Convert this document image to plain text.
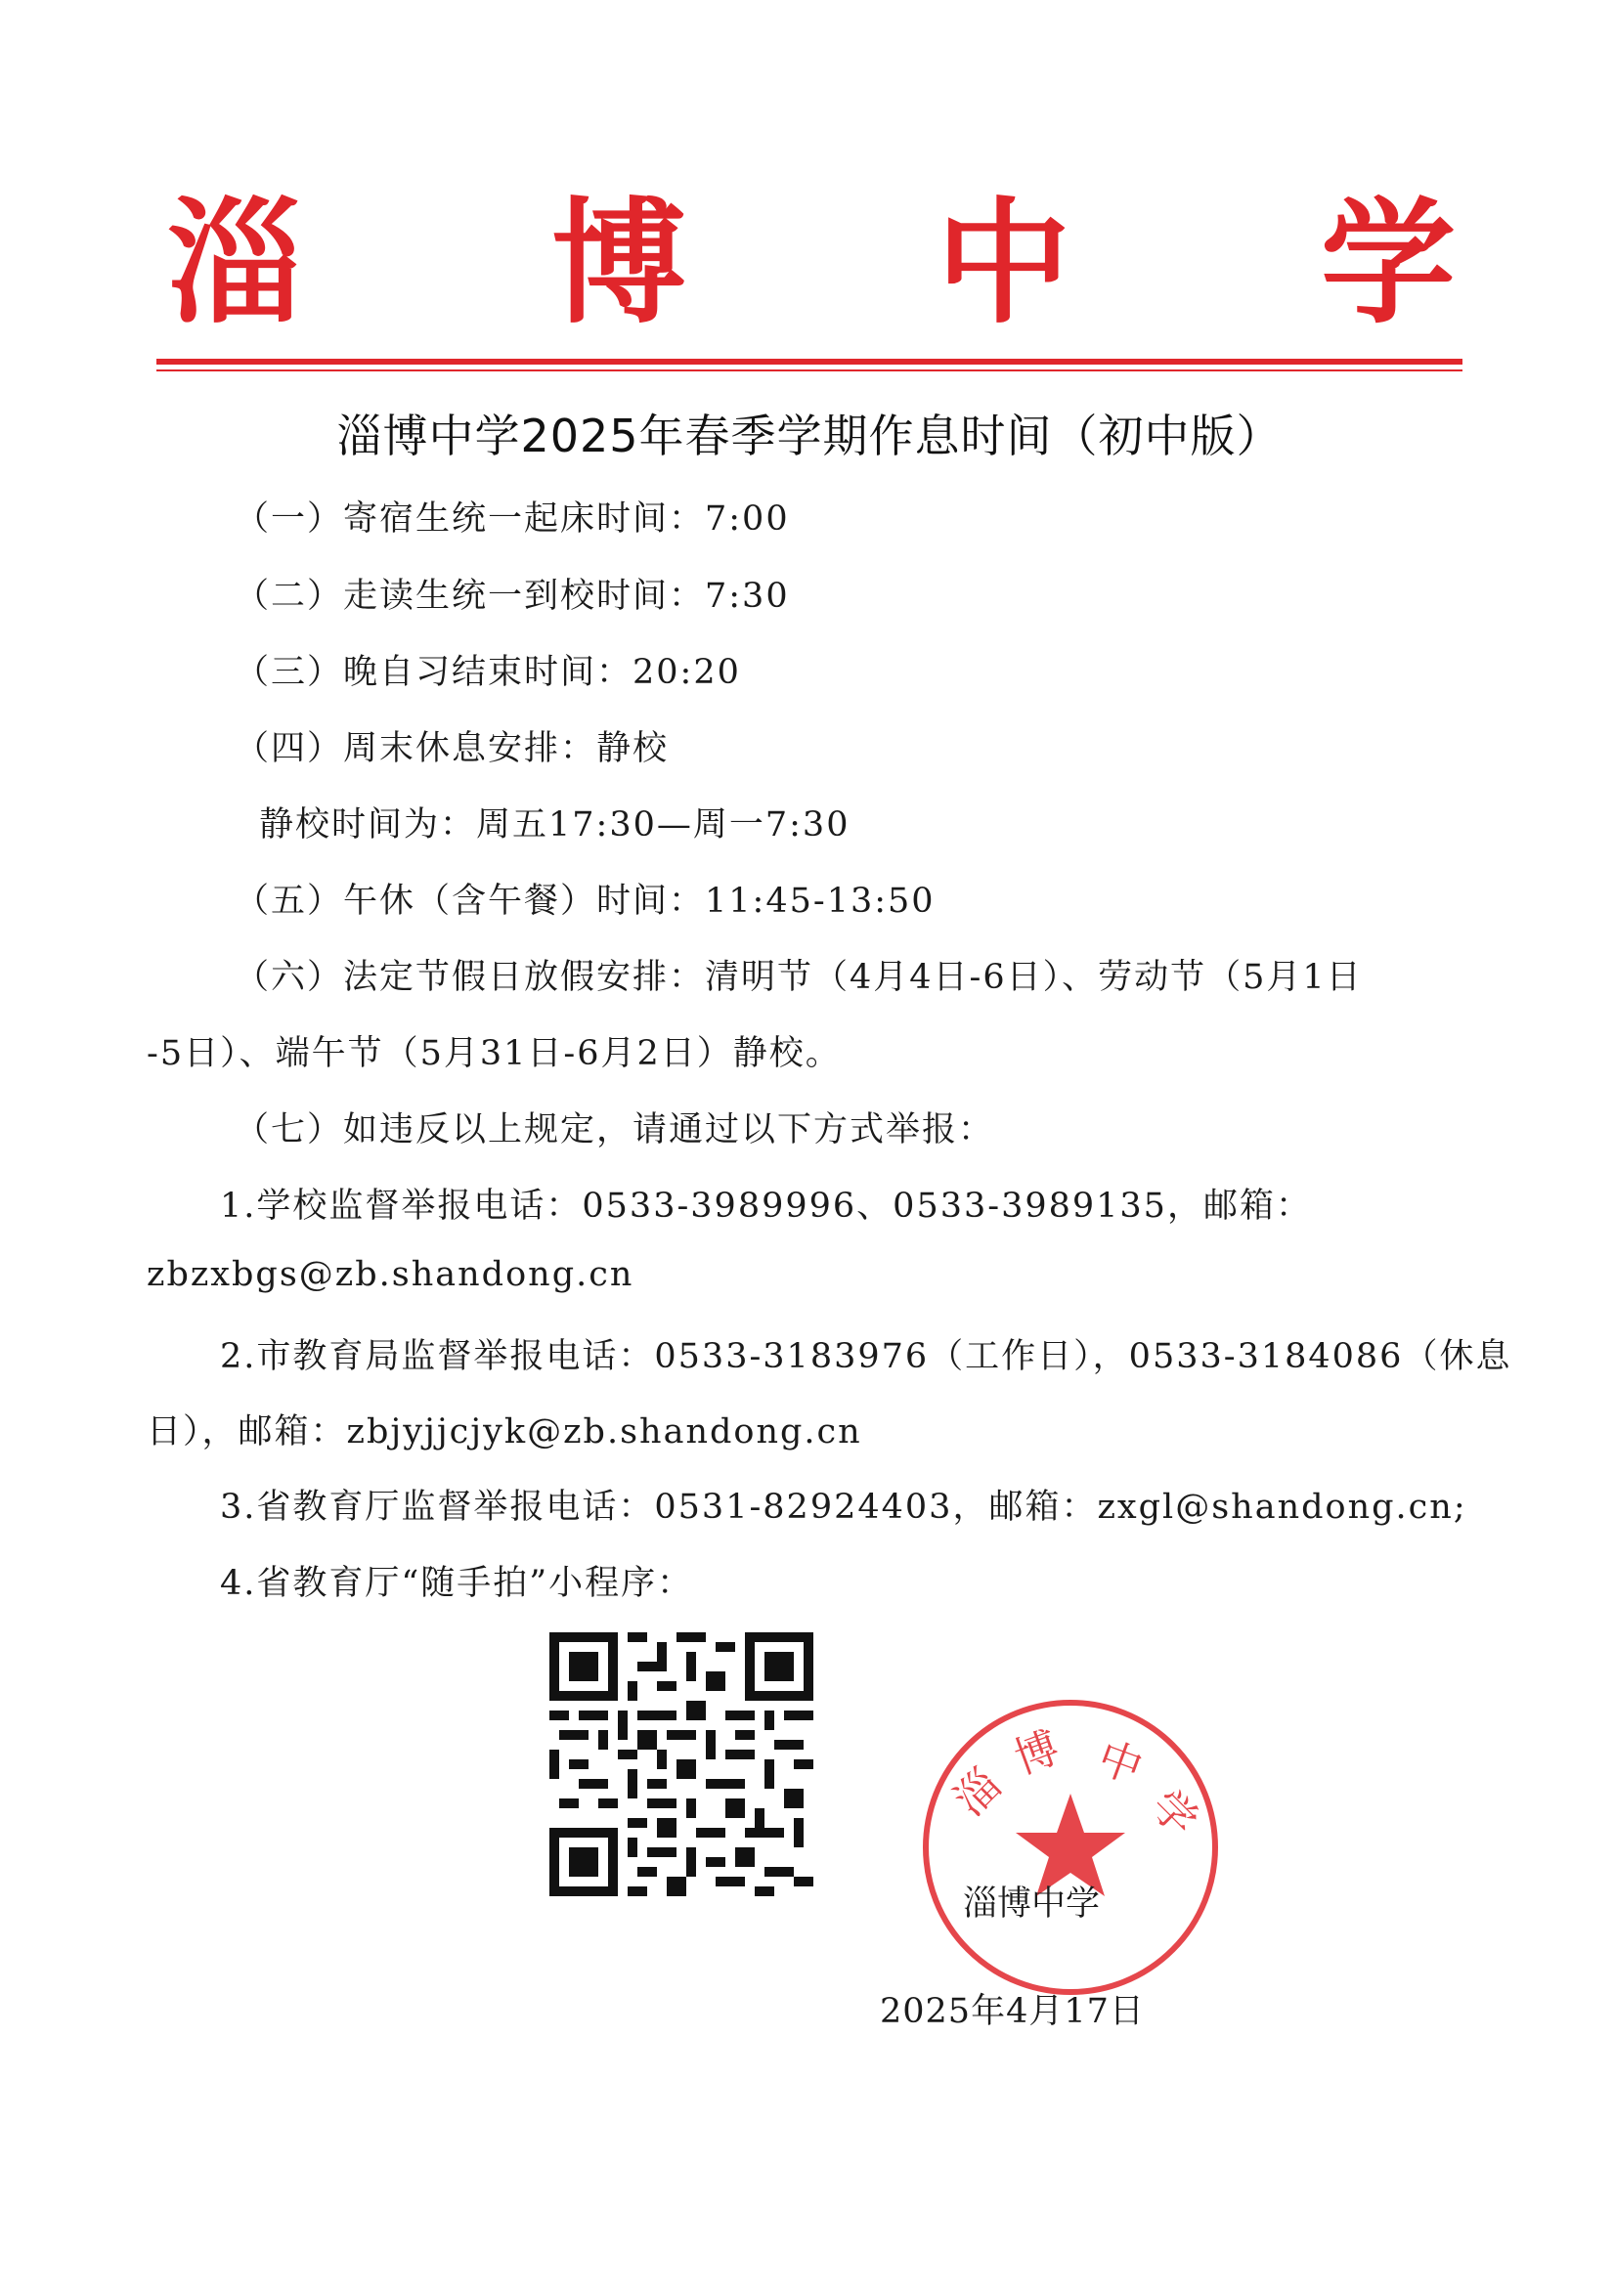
淄 博 中 学
淄博中学2025年春季学期作息时间（初中版）
（一）寄宿生统一起床时间：7:00
（二）走读生统一到校时间：7:30
（三）晚自习结束时间：20:20
（四）周末休息安排：静校
静校时间为：周五17:30—周一7:30
（五）午休（含午餐）时间：11:45-13:50
（六）法定节假日放假安排：清明节（4月4日-6日）、劳动节（5月1日
-5日）、端午节（5月31日-6月2日）静校。
（七）如违反以上规定，请通过以下方式举报：
1.学校监督举报电话：0533-3989996、0533-3989135，邮箱：
zbzxbgs@zb.shandong.cn
2.市教育局监督举报电话：0533-3183976（工作日），0533-3184086（休息
日），邮箱：zbjyjjcjyk@zb.shandong.cn
3.省教育厅监督举报电话：0531-82924403，邮箱：zxgl@shandong.cn;
4.省教育厅“随手拍”小程序：
淄
博 中
学
淄博中学
2025年4月17日
